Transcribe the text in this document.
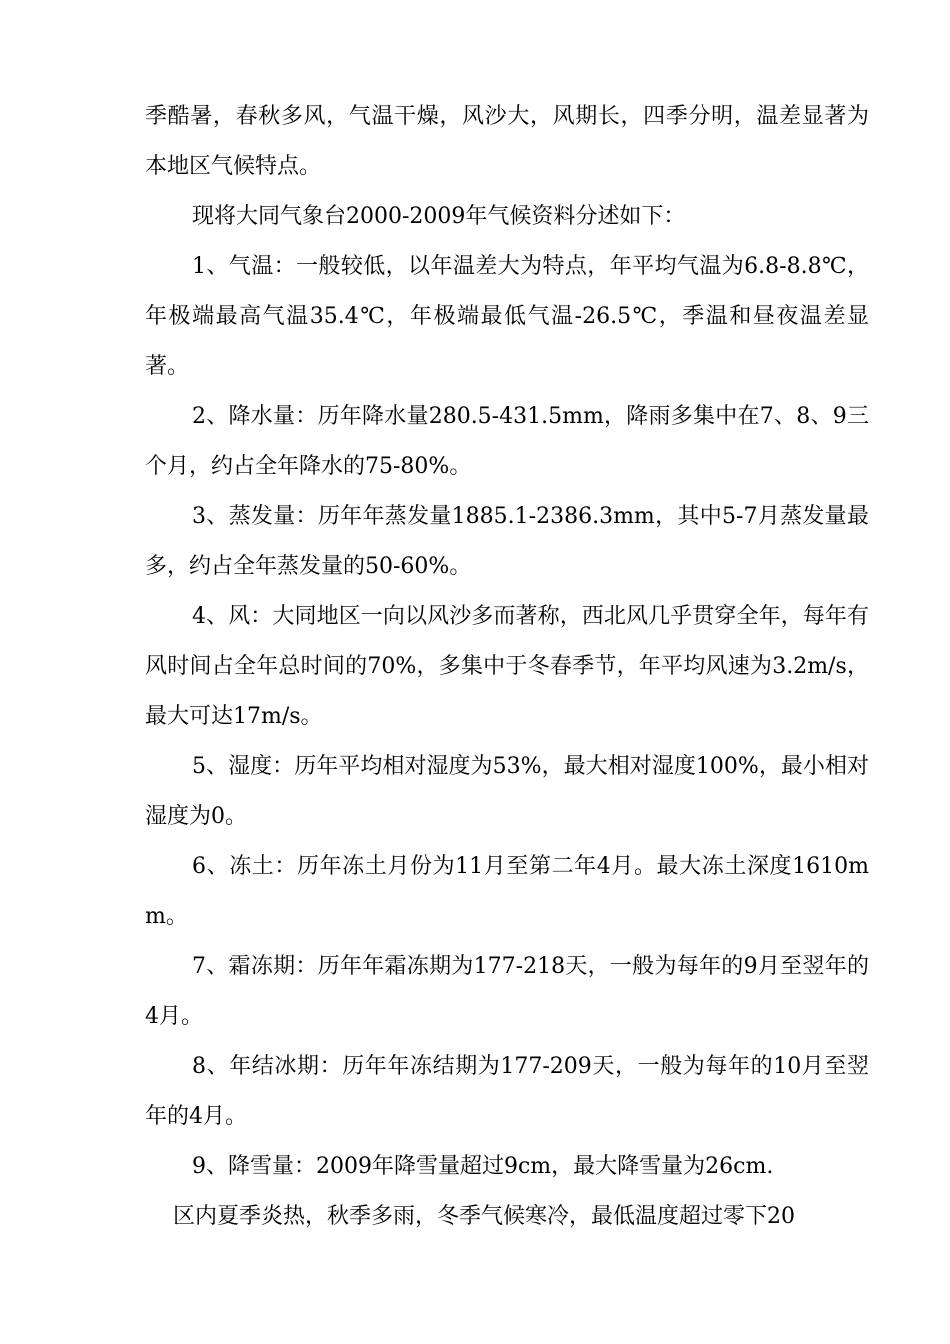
季酷暑，春秋多风，气温干燥，风沙大，风期长，四季分明，温差显著为本地区气候特点。

现将大同气象台2000-2009年气候资料分述如下：

1、气温：一般较低，以年温差大为特点，年平均气温为6.8-8.8℃，年极端最高气温35.4℃，年极端最低气温-26.5℃，季温和昼夜温差显著。

2、降水量：历年降水量280.5-431.5mm，降雨多集中在7、8、9三个月，约占全年降水的75-80%。

3、蒸发量：历年年蒸发量1885.1-2386.3mm，其中5-7月蒸发量最多，约占全年蒸发量的50-60%。

4、风：大同地区一向以风沙多而著称，西北风几乎贯穿全年，每年有风时间占全年总时间的70%，多集中于冬春季节，年平均风速为3.2m/s，最大可达17m/s。

5、湿度：历年平均相对湿度为53%，最大相对湿度100%，最小相对湿度为0。

6、冻土：历年冻土月份为11月至第二年4月。最大冻土深度1610mm。

7、霜冻期：历年年霜冻期为177-218天，一般为每年的9月至翌年的4月。

8、年结冰期：历年年冻结期为177-209天，一般为每年的10月至翌年的4月。

9、降雪量：2009年降雪量超过9cm，最大降雪量为26cm.

区内夏季炎热，秋季多雨，冬季气候寒冷，最低温度超过零下20
